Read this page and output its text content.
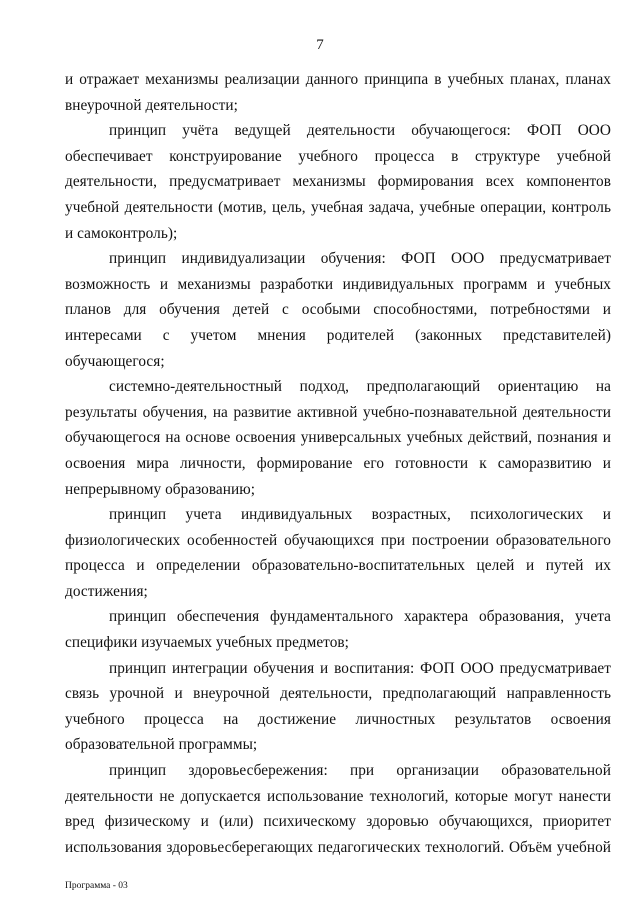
7

и отражает механизмы реализации данного принципа в учебных планах, планах внеурочной деятельности;

принцип учёта ведущей деятельности обучающегося: ФОП ООО обеспечивает конструирование учебного процесса в структуре учебной деятельности, предусматривает механизмы формирования всех компонентов учебной деятельности (мотив, цель, учебная задача, учебные операции, контроль и самоконтроль);

принцип индивидуализации обучения: ФОП ООО предусматривает возможность и механизмы разработки индивидуальных программ и учебных планов для обучения детей с особыми способностями, потребностями и интересами с учетом мнения родителей (законных представителей) обучающегося;

системно-деятельностный подход, предполагающий ориентацию на результаты обучения, на развитие активной учебно-познавательной деятельности обучающегося на основе освоения универсальных учебных действий, познания и освоения мира личности, формирование его готовности к саморазвитию и непрерывному образованию;

принцип учета индивидуальных возрастных, психологических и физиологических особенностей обучающихся при построении образовательного процесса и определении образовательно-воспитательных целей и путей их достижения;

принцип обеспечения фундаментального характера образования, учета специфики изучаемых учебных предметов;

принцип интеграции обучения и воспитания: ФОП ООО предусматривает связь урочной и внеурочной деятельности, предполагающий направленность учебного процесса на достижение личностных результатов освоения образовательной программы;

принцип здоровьесбережения: при организации образовательной деятельности не допускается использование технологий, которые могут нанести вред физическому и (или) психическому здоровью обучающихся, приоритет использования здоровьесберегающих педагогических технологий. Объём учебной

Программа - 03
